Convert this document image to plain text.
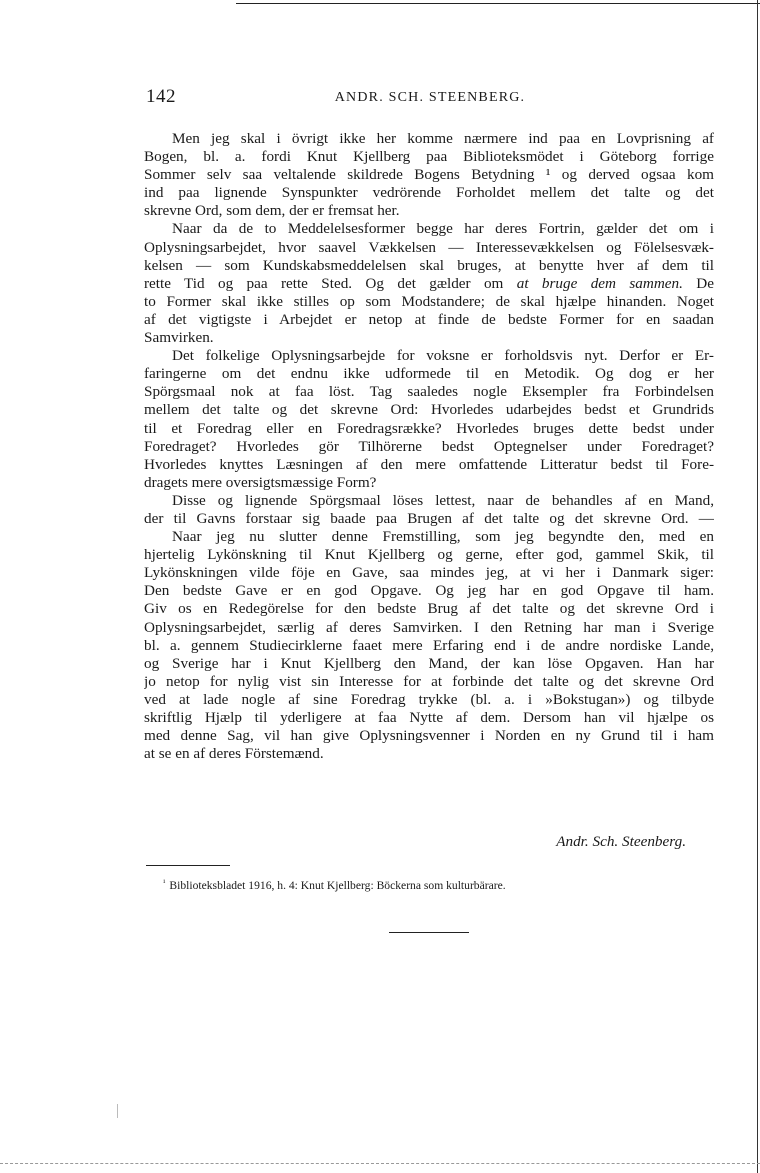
142	ANDR. SCH. STEENBERG.
Men jeg skal i övrigt ikke her komme nærmere ind paa en Lovprisning af
Bogen, bl. a. fordi Knut Kjellberg paa Biblioteksmödet i Göteborg forrige
Sommer selv saa veltalende skildrede Bogens Betydning ¹ og derved ogsaa kom
ind paa lignende Synspunkter vedrörende Forholdet mellem det talte og det
skrevne Ord, som dem, der er fremsat her.
Naar da de to Meddelelsesformer begge har deres Fortrin, gælder det om i
Oplysningsarbejdet, hvor saavel Vækkelsen — Interessevækkelsen og Fölelsesvæk-
kelsen — som Kundskabsmeddelelsen skal bruges, at benytte hver af dem til
rette Tid og paa rette Sted. Og det gælder om at bruge dem sammen. De
to Former skal ikke stilles op som Modstandere; de skal hjælpe hinanden. Noget
af det vigtigste i Arbejdet er netop at finde de bedste Former for en saadan
Samvirken.
Det folkelige Oplysningsarbejde for voksne er forholdsvis nyt. Derfor er Er-
faringerne om det endnu ikke udformede til en Metodik. Og dog er her
Spörgsmaal nok at faa löst. Tag saaledes nogle Eksempler fra Forbindelsen
mellem det talte og det skrevne Ord: Hvorledes udarbejdes bedst et Grundrids
til et Foredrag eller en Foredragsrække? Hvorledes bruges dette bedst under
Foredraget? Hvorledes gör Tilhörerne bedst Optegnelser under Foredraget?
Hvorledes knyttes Læsningen af den mere omfattende Litteratur bedst til Fore-
dragets mere oversigtsmæssige Form?
Disse og lignende Spörgsmaal löses lettest, naar de behandles af en Mand,
der til Gavns forstaar sig baade paa Brugen af det talte og det skrevne Ord. —
Naar jeg nu slutter denne Fremstilling, som jeg begyndte den, med en
hjertelig Lykönskning til Knut Kjellberg og gerne, efter god, gammel Skik, til
Lykönskningen vilde föje en Gave, saa mindes jeg, at vi her i Danmark siger:
Den bedste Gave er en god Opgave. Og jeg har en god Opgave til ham.
Giv os en Redegörelse for den bedste Brug af det talte og det skrevne Ord i
Oplysningsarbejdet, særlig af deres Samvirken. I den Retning har man i Sverige
bl. a. gennem Studiecirklerne faaet mere Erfaring end i de andre nordiske Lande,
og Sverige har i Knut Kjellberg den Mand, der kan löse Opgaven. Han har
jo netop for nylig vist sin Interesse for at forbinde det talte og det skrevne Ord
ved at lade nogle af sine Foredrag trykke (bl. a. i »Bokstugan») og tilbyde
skriftlig Hjælp til yderligere at faa Nytte af dem. Dersom han vil hjælpe os
med denne Sag, vil han give Oplysningsvenner i Norden en ny Grund til i ham
at se en af deres Förstemænd.
Andr. Sch. Steenberg.
$^{^1}$ Biblioteksbladet 1916, h. 4: Knut Kjellberg: Böckerna som kulturbärare.
